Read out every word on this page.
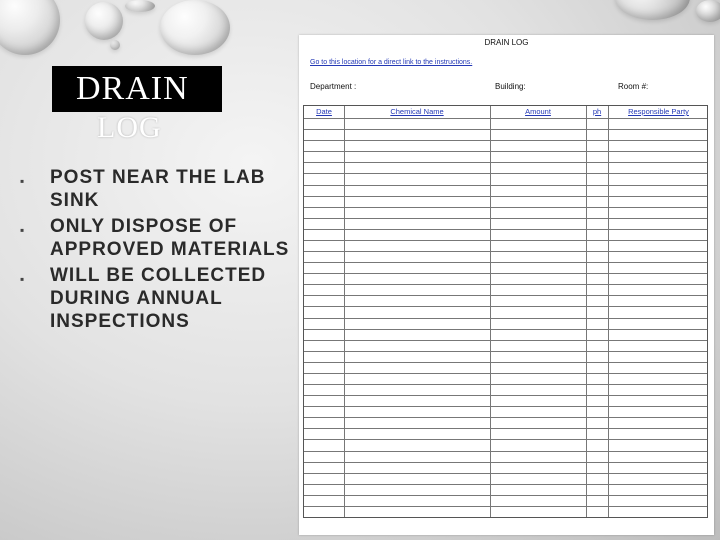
DRAIN
LOG
▪ POST NEAR THE LAB SINK
▪ ONLY DISPOSE OF APPROVED MATERIALS
▪ WILL BE COLLECTED DURING ANNUAL INSPECTIONS
DRAIN LOG
Go to this location for a direct link to the instructions.
Department :	Building:	Room #:
Date	Chemical Name	Amount	ph	Responsible Party
